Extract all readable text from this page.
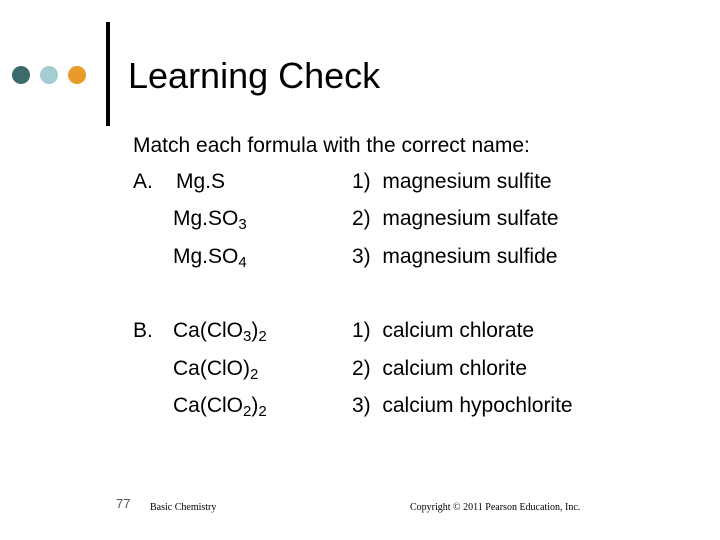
Learning Check
Match each formula with the correct name:
A. Mg.S
$Mg.SO_3$
$Mg.SO_4$
1) magnesium sulfite
2) magnesium sulfate
3) magnesium sulfide
B. $Ca(ClO_3)_2$
$Ca(ClO)_2$
$Ca(ClO_2)_2$
1) calcium chlorate
2) calcium chlorite
3) calcium hypochlorite
77 Basic Chemistry	Copyright © 2011 Pearson Education, Inc.
